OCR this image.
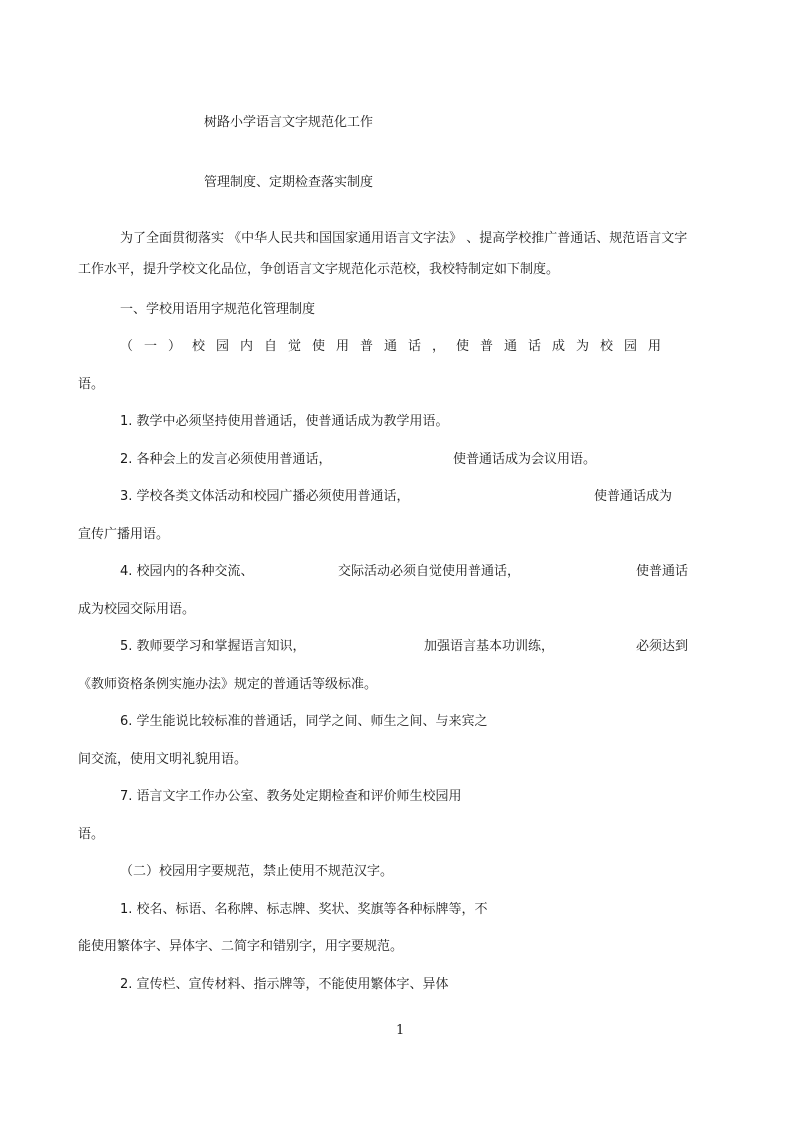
树路小学语言文字规范化工作
管理制度、定期检查落实制度
为了全面贯彻落实 《中华人民共和国国家通用语言文字法》 、提高学校推广普通话、规范语言文字
工作水平，提升学校文化品位，争创语言文字规范化示范校，我校特制定如下制度。
一、学校用语用字规范化管理制度
（一）校园内自觉使用普通话，使普通话成为校园用
语。
1. 教学中必须坚持使用普通话，使普通话成为教学用语。
2. 各种会上的发言必须使用普通话，	使普通话成为会议用语。
3. 学校各类文体活动和校园广播必须使用普通话，	使普通话成为
宣传广播用语。
4. 校园内的各种交流、	交际活动必须自觉使用普通话，	使普通话
成为校园交际用语。
5. 教师要学习和掌握语言知识，	加强语言基本功训练，	必须达到
《教师资格条例实施办法》规定的普通话等级标准。
6. 学生能说比较标准的普通话，同学之间、师生之间、与来宾之
间交流，使用文明礼貌用语。
7. 语言文字工作办公室、教务处定期检查和评价师生校园用
语。
（二）校园用字要规范，禁止使用不规范汉字。
1. 校名、标语、名称牌、标志牌、奖状、奖旗等各种标牌等，不
能使用繁体字、异体字、二简字和错别字，用字要规范。
2. 宣传栏、宣传材料、指示牌等，不能使用繁体字、异体
1
